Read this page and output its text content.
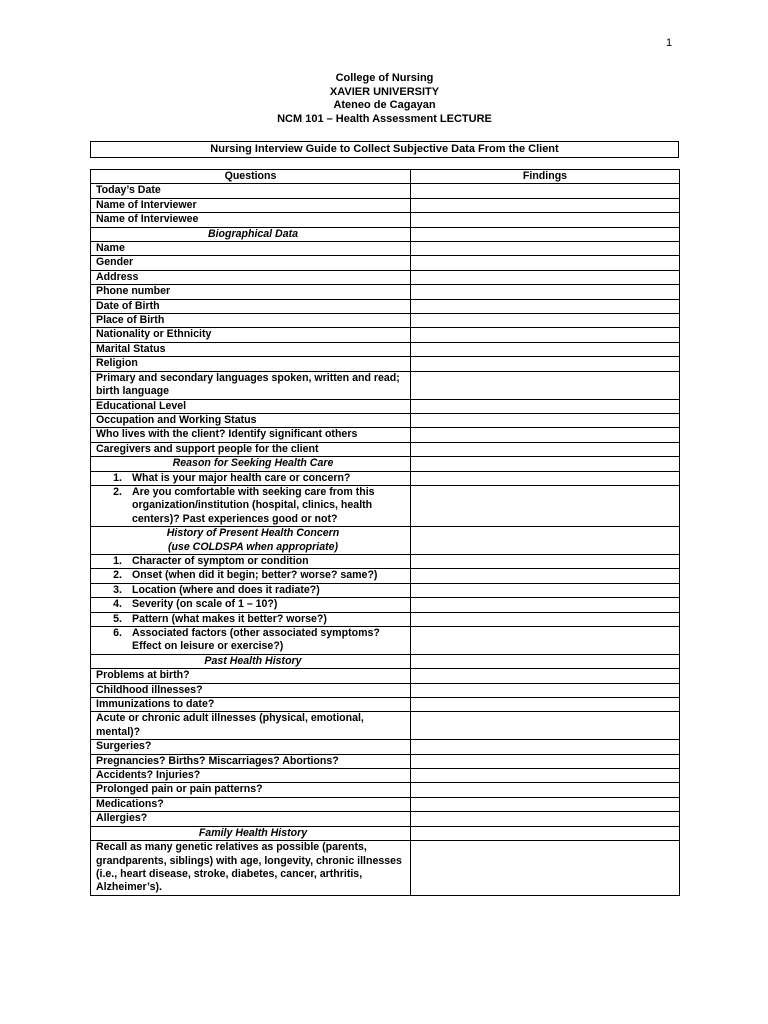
1
College of Nursing
XAVIER UNIVERSITY
Ateneo de Cagayan
NCM 101 – Health Assessment LECTURE
Nursing Interview Guide to Collect Subjective Data From the Client
Questions	Findings
Today’s Date	
Name of Interviewer	
Name of Interviewee	

Biographical Data	

Name	
Gender	
Address	
Phone number	
Date of Birth	
Place of Birth	
Nationality or Ethnicity	
Marital Status	
Religion	
Primary and secondary languages spoken, written and read; birth language	
Educational Level	
Occupation and Working Status	
Who lives with the client? Identify significant others	
Caregivers and support people for the client	

Reason for Seeking Health Care	

1. What is your major health care or concern?	

2. Are you comfortable with seeking care from this organization/institution (hospital, clinics, health centers)? Past experiences good or not?	

History of Present Health Concern
(use COLDSPA when appropriate)	

1. Character of symptom or condition	

2. Onset (when did it begin; better? worse? same?)	

3. Location (where and does it radiate?)	

4. Severity (on scale of 1 – 10?)	

5. Pattern (what makes it better? worse?)	

6. Associated factors (other associated symptoms? Effect on leisure or exercise?)	

Past Health History	

Problems at birth?	
Childhood illnesses?	
Immunizations to date?	
Acute or chronic adult illnesses (physical, emotional, mental)?	
Surgeries?	
Pregnancies? Births? Miscarriages? Abortions?	
Accidents? Injuries?	
Prolonged pain or pain patterns?	
Medications?	
Allergies?	

Family Health History	

Recall as many genetic relatives as possible (parents, grandparents, siblings) with age, longevity, chronic illnesses (i.e., heart disease, stroke, diabetes, cancer, arthritis, Alzheimer’s).	
